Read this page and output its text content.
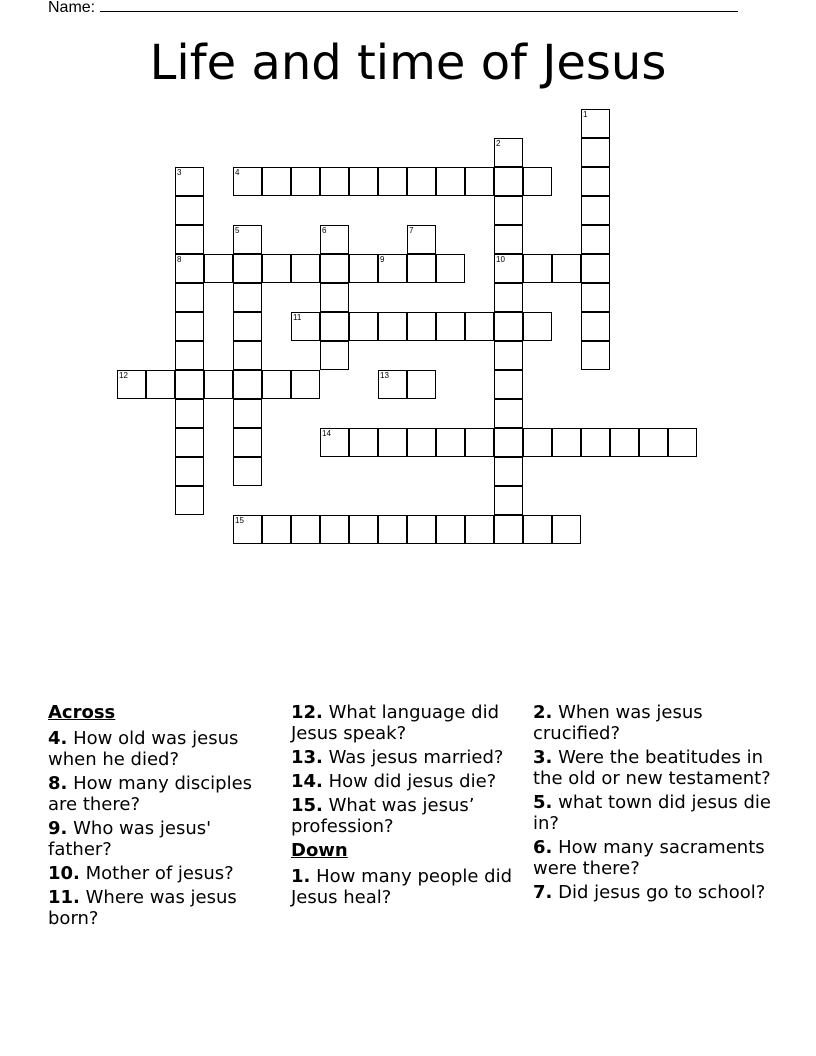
Name:
Life and time of Jesus
1
2
10
3
8
4
5	6	7
9
11
12	13
14
15
Across
4. How old was jesus when he died?
8. How many disciples are there?
9. Who was jesus' father?
10. Mother of jesus?
11. Where was jesus born?
12. What language did Jesus speak?
13. Was jesus married?
14. How did jesus die?
15. What was jesus’ profession?
Down
1. How many people did Jesus heal?
2. When was jesus crucified?
3. Were the beatitudes in the old or new testament?
5. what town did jesus die in?
6. How many sacraments were there?
7. Did jesus go to school?
